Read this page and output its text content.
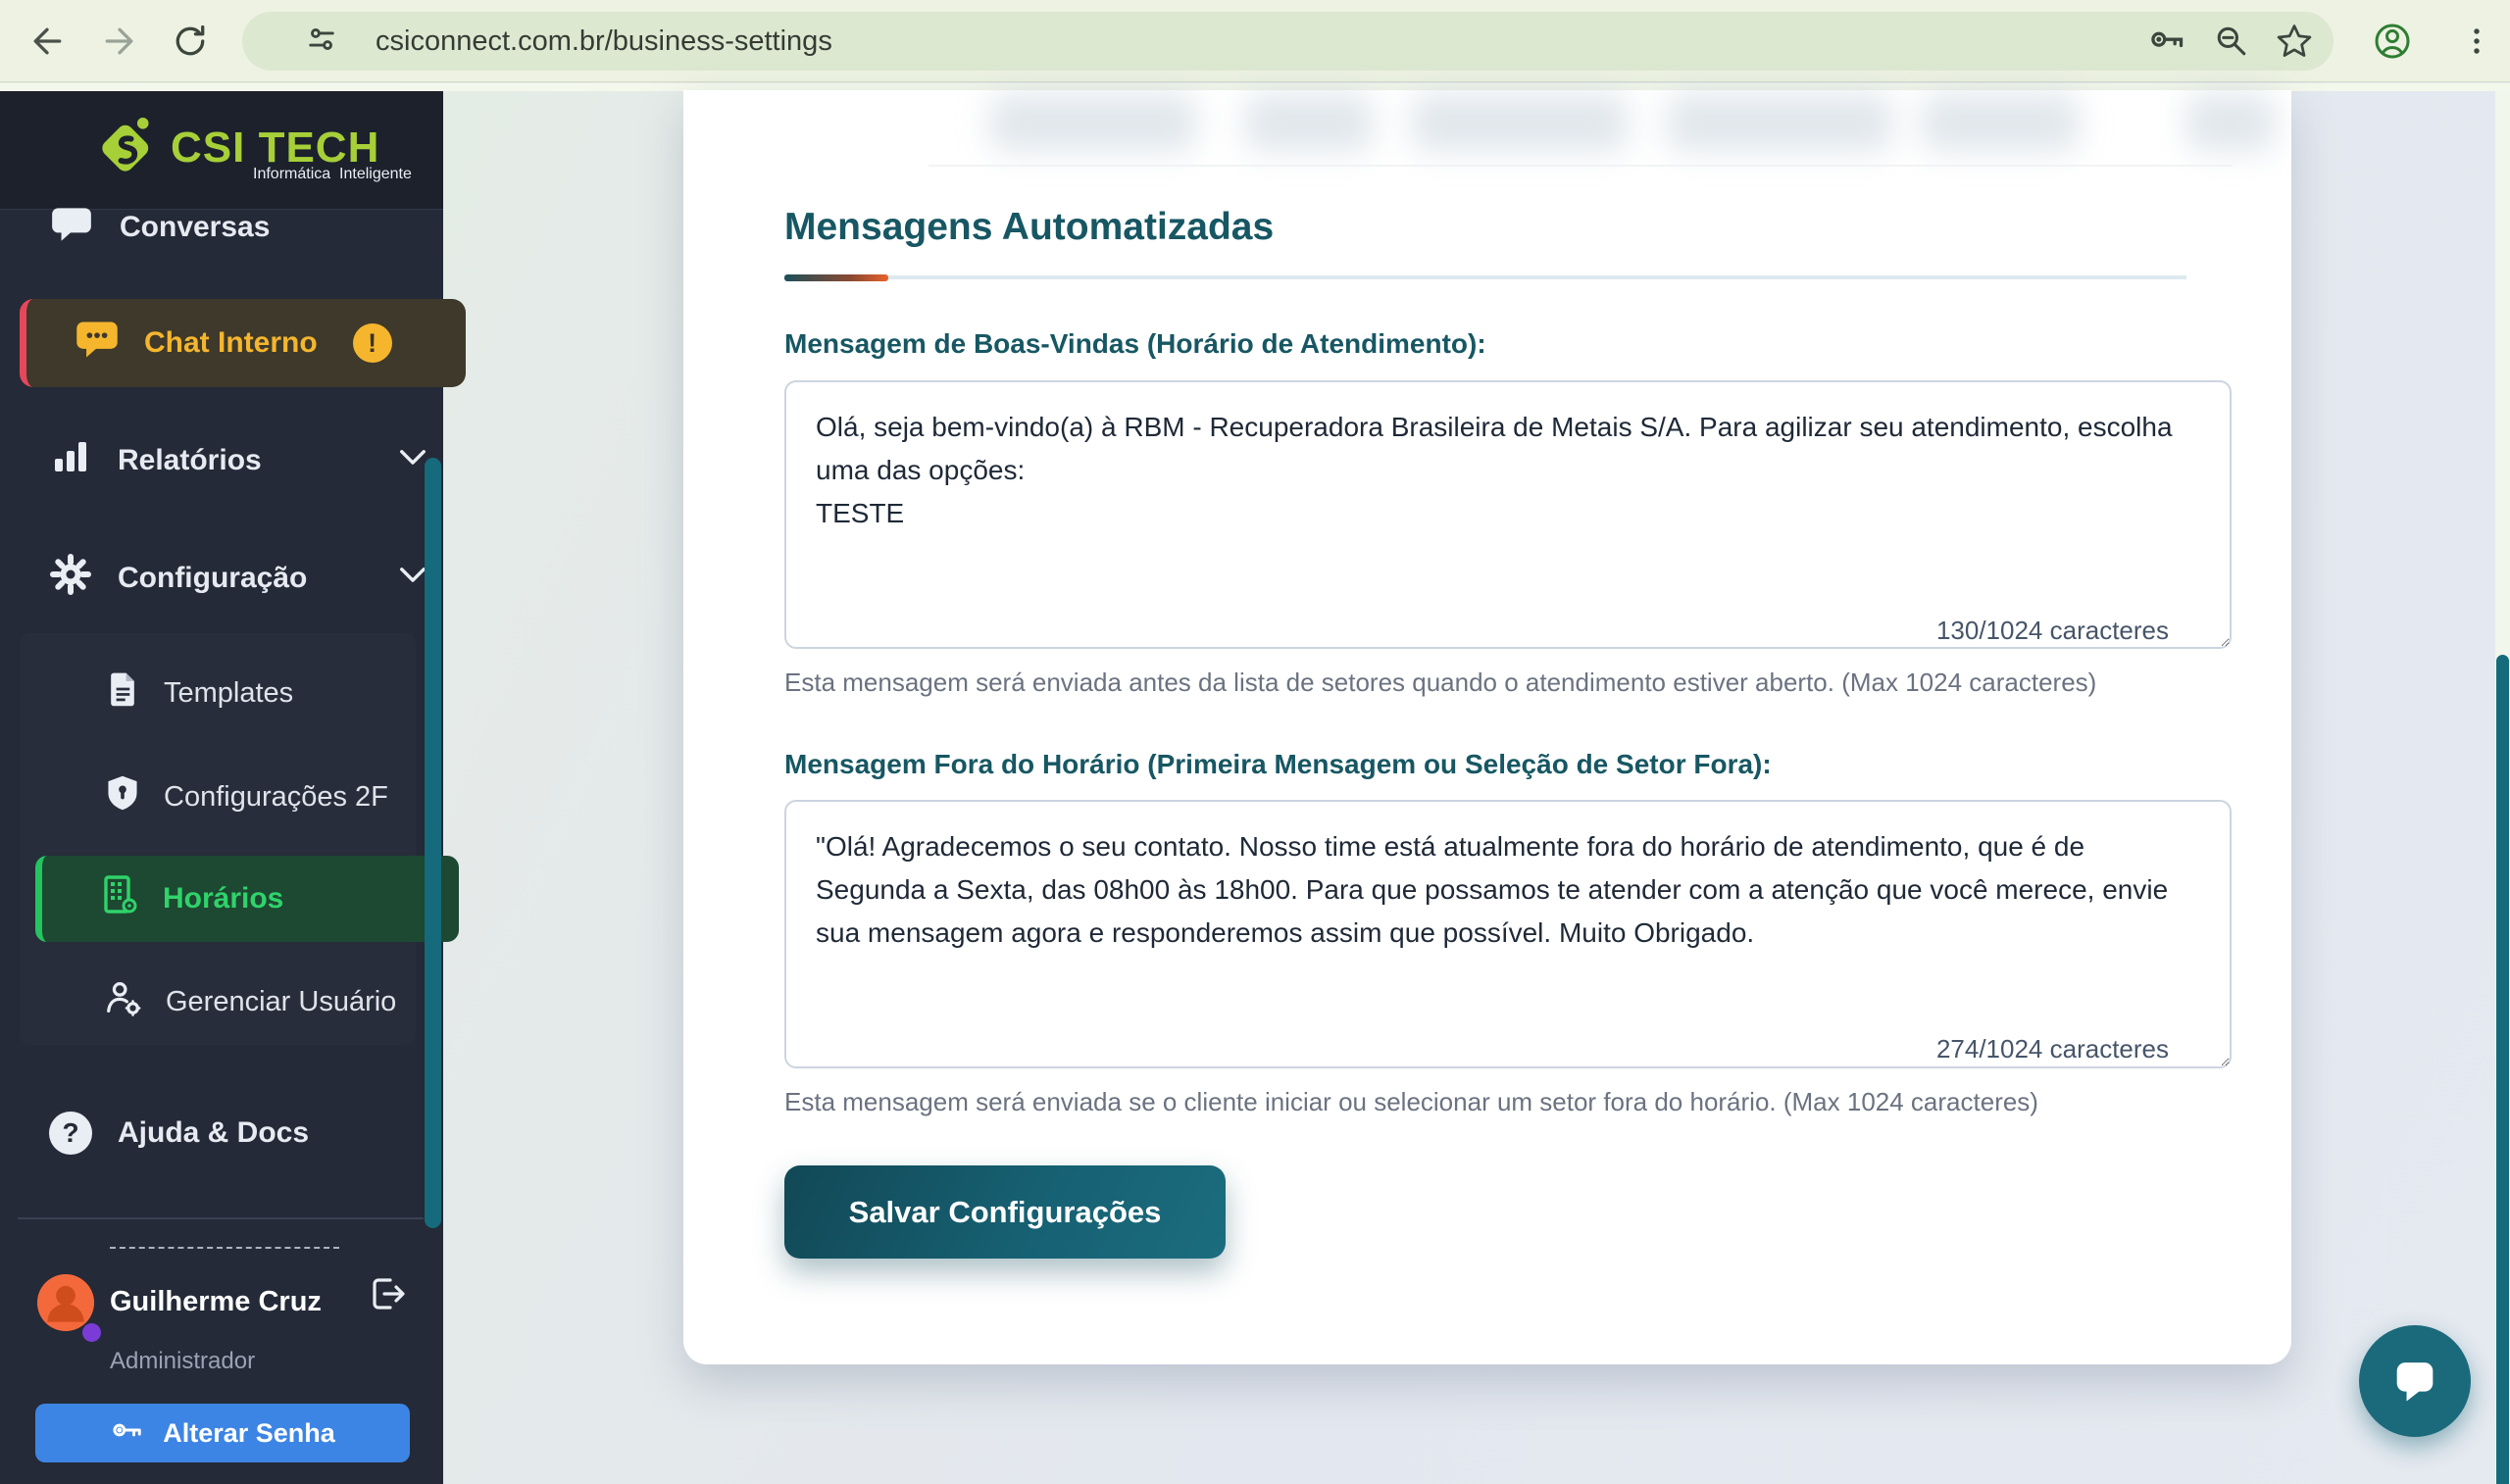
csiconnect.com.br/business-settings
CSI TECH
Informática  Inteligente
Conversas
Chat Interno	!
Relatórios
Configuração
Templates
Configurações 2F
Horários
Gerenciar Usuário
?	Ajuda & Docs
Guilherme Cruz
Administrador
Alterar Senha
Mensagens Automatizadas
Mensagem de Boas-Vindas (Horário de Atendimento):
Olá, seja bem-vindo(a) à RBM - Recuperadora Brasileira de Metais S/A. Para agilizar seu atendimento, escolha uma das opções: TESTE
130/1024 caracteres
Esta mensagem será enviada antes da lista de setores quando o atendimento estiver aberto. (Max 1024 caracteres)
Mensagem Fora do Horário (Primeira Mensagem ou Seleção de Setor Fora):
"Olá! Agradecemos o seu contato. Nosso time está atualmente fora do horário de atendimento, que é de Segunda a Sexta, das 08h00 às 18h00. Para que possamos te atender com a atenção que você merece, envie sua mensagem agora e responderemos assim que possível. Muito Obrigado.
274/1024 caracteres
Esta mensagem será enviada se o cliente iniciar ou selecionar um setor fora do horário. (Max 1024 caracteres)
Salvar Configurações
